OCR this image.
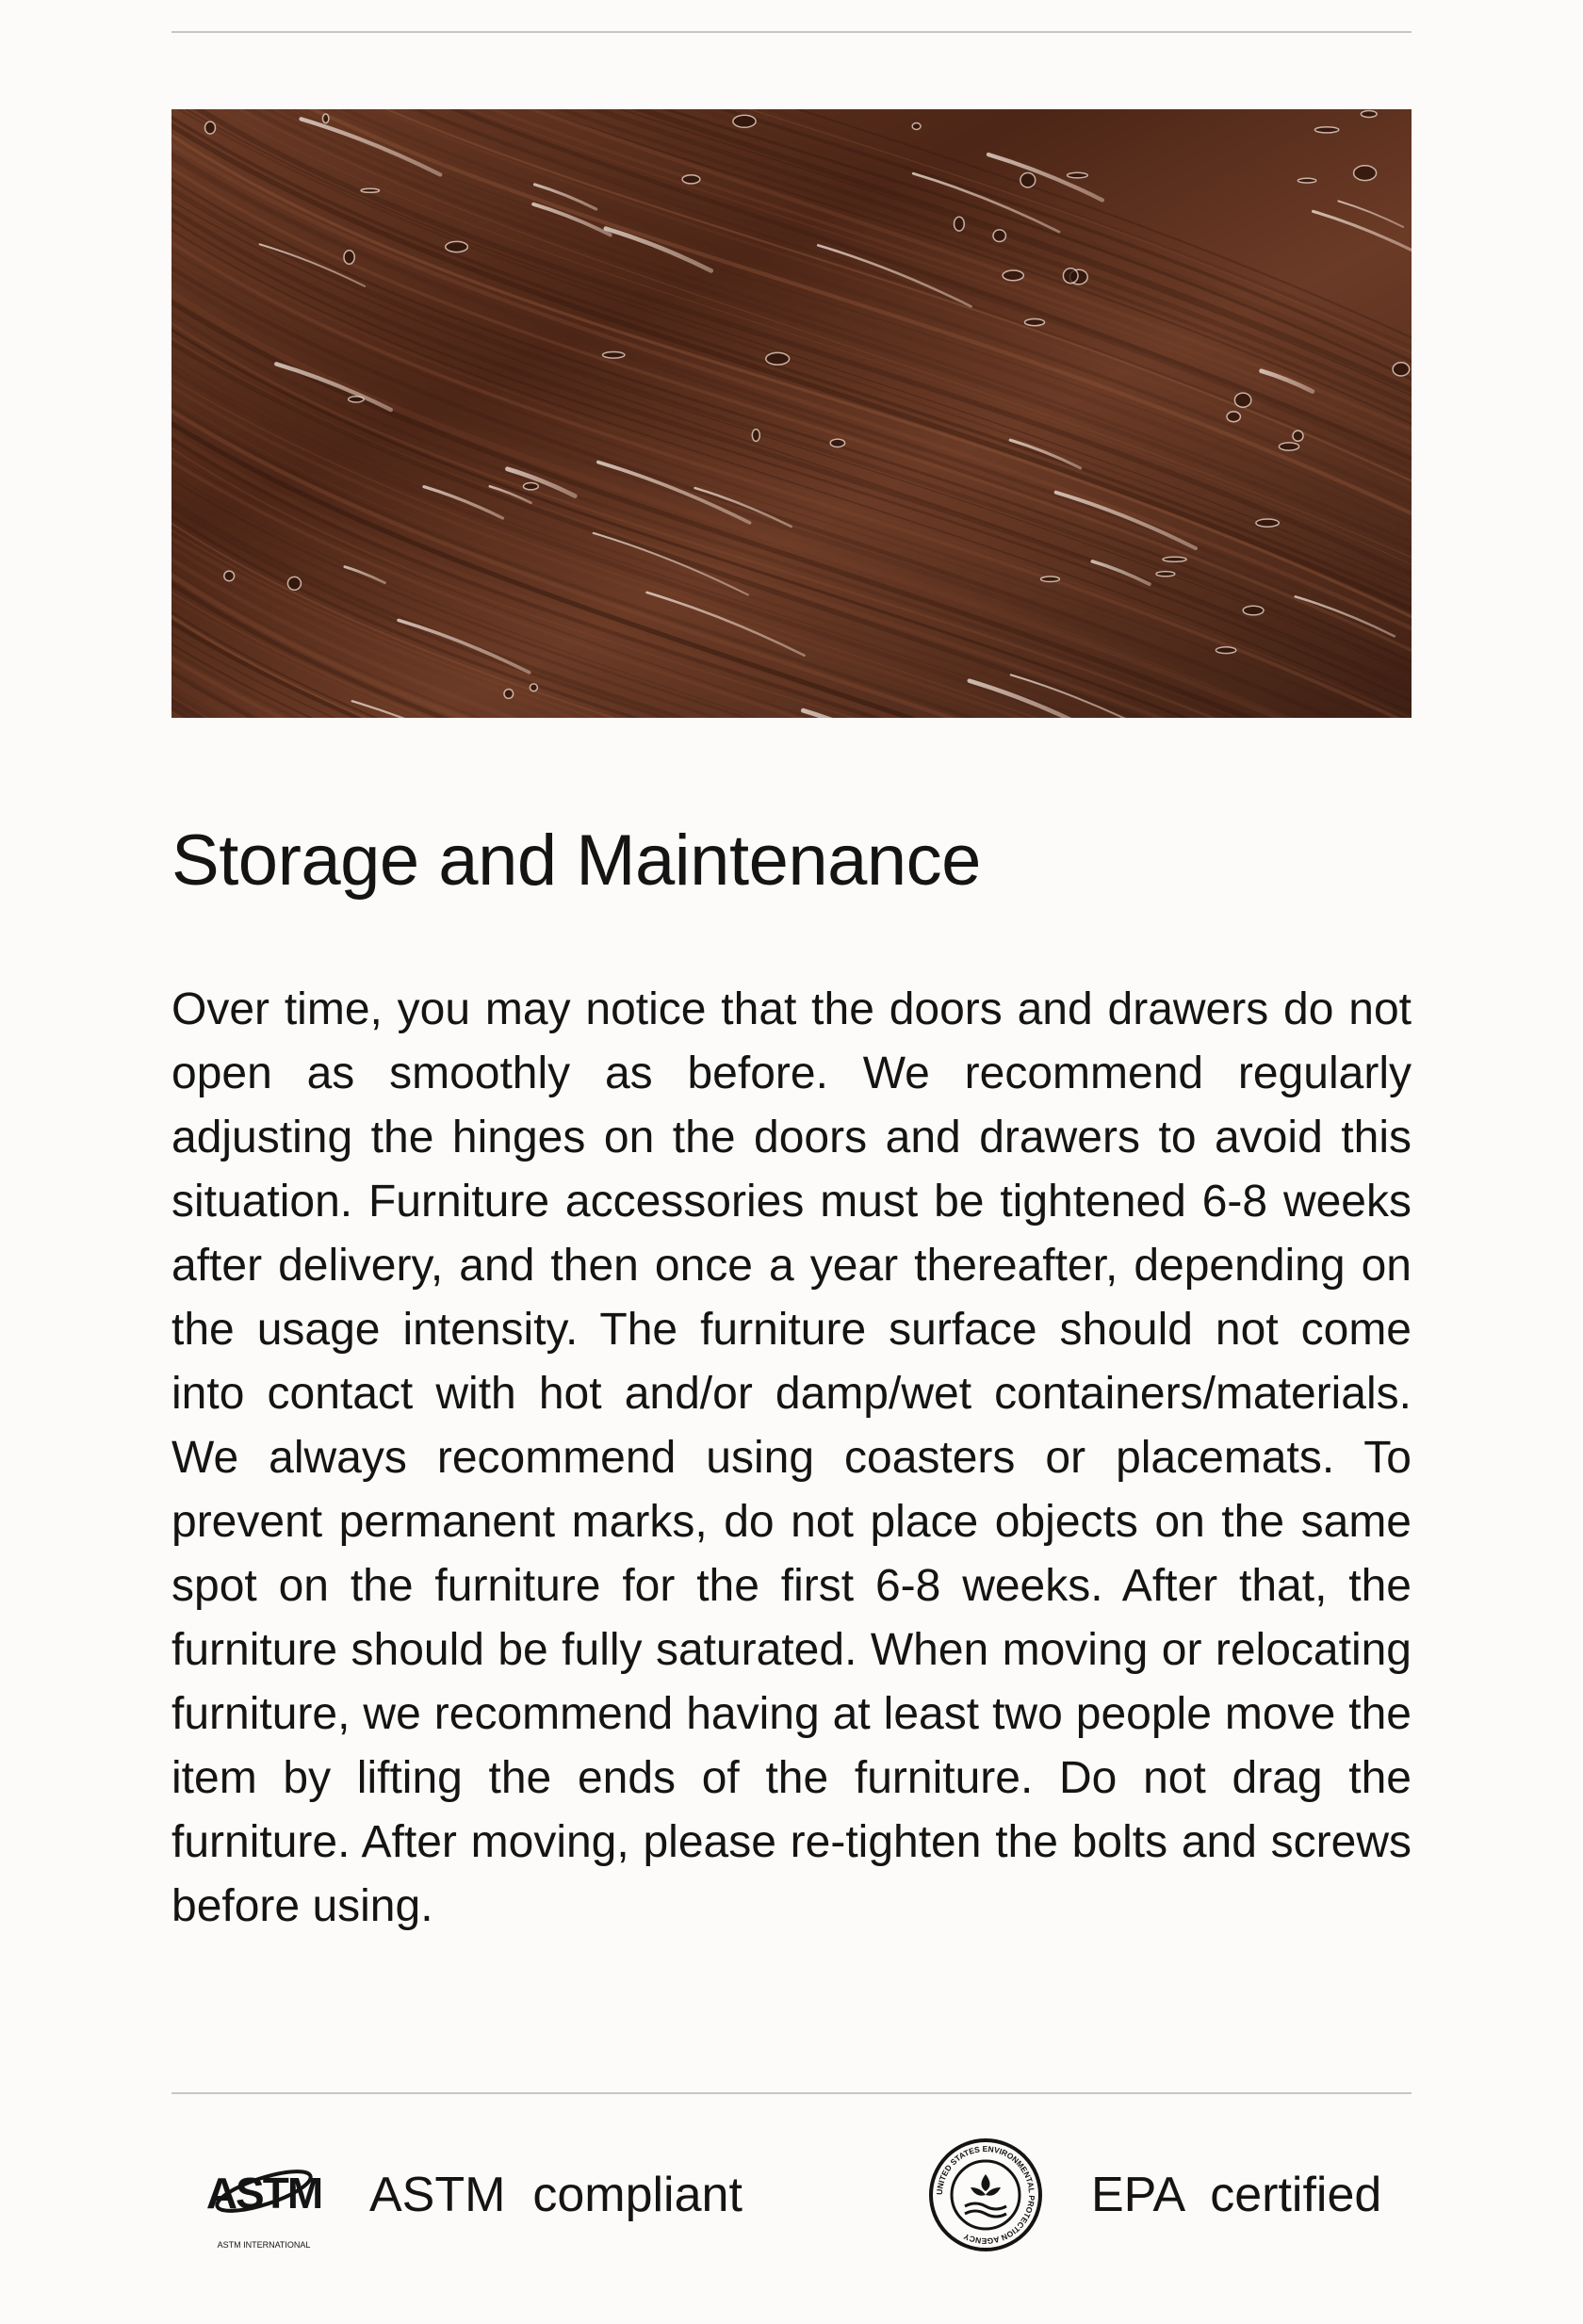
Storage and Maintenance

Over time, you may notice that the doors and drawers do not open as smoothly as before. We recommend regularly adjusting the hinges on the doors and drawers to avoid this situation. Furniture accessories must be tightened 6-8 weeks after delivery, and then once a year thereafter, depending on the usage intensity. The furniture surface should not come into contact with hot and/or damp/wet containers/materials. We always recommend using coasters or placemats. To prevent permanent marks, do not place objects on the same spot on the furniture for the first 6-8 weeks. After that, the furniture should be fully saturated. When moving or relocating furniture, we recommend having at least two people move the item by lifting the ends of the furniture. Do not drag the furniture. After moving, please re-tighten the bolts and screws before using.

ASTM
ASTM INTERNATIONAL
ASTM  compliant	UNITED STATES ENVIRONMENTAL PROTECTION AGENCY
EPA  certified
